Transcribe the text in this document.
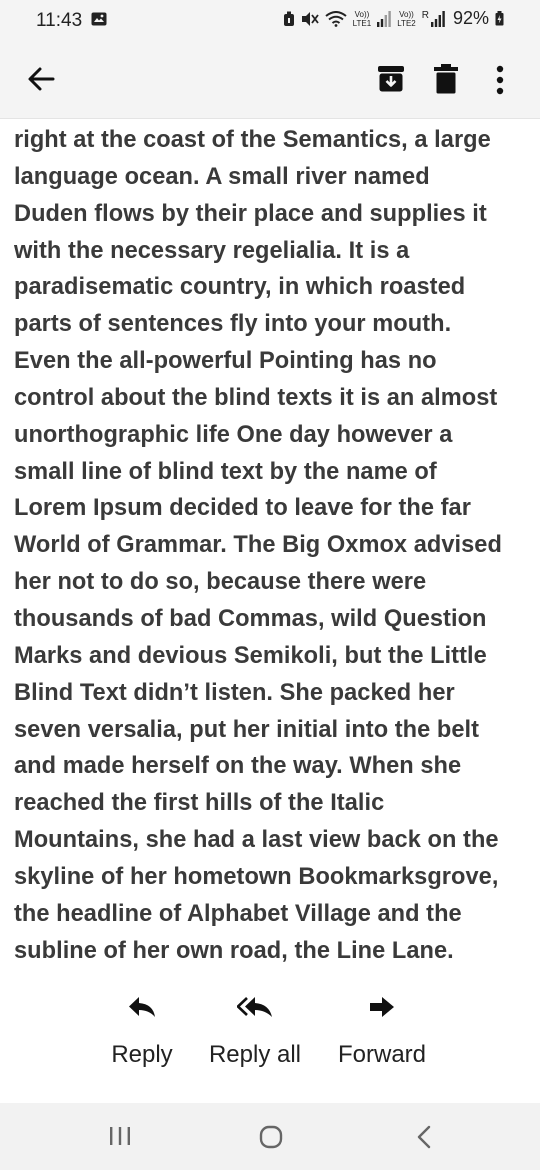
11:43	Vo))
LTE1
Vo))
LTE2
R 92%
right at the coast of the Semantics, a large
language ocean. A small river named
Duden flows by their place and supplies it
with the necessary regelialia. It is a
paradisematic country, in which roasted
parts of sentences fly into your mouth.
Even the all-powerful Pointing has no
control about the blind texts it is an almost
unorthographic life One day however a
small line of blind text by the name of
Lorem Ipsum decided to leave for the far
World of Grammar. The Big Oxmox advised
her not to do so, because there were
thousands of bad Commas, wild Question
Marks and devious Semikoli, but the Little
Blind Text didn’t listen. She packed her
seven versalia, put her initial into the belt
and made herself on the way. When she
reached the first hills of the Italic
Mountains, she had a last view back on the
skyline of her hometown Bookmarksgrove,
the headline of Alphabet Village and the
subline of her own road, the Line Lane.
Reply	Reply all	Forward
